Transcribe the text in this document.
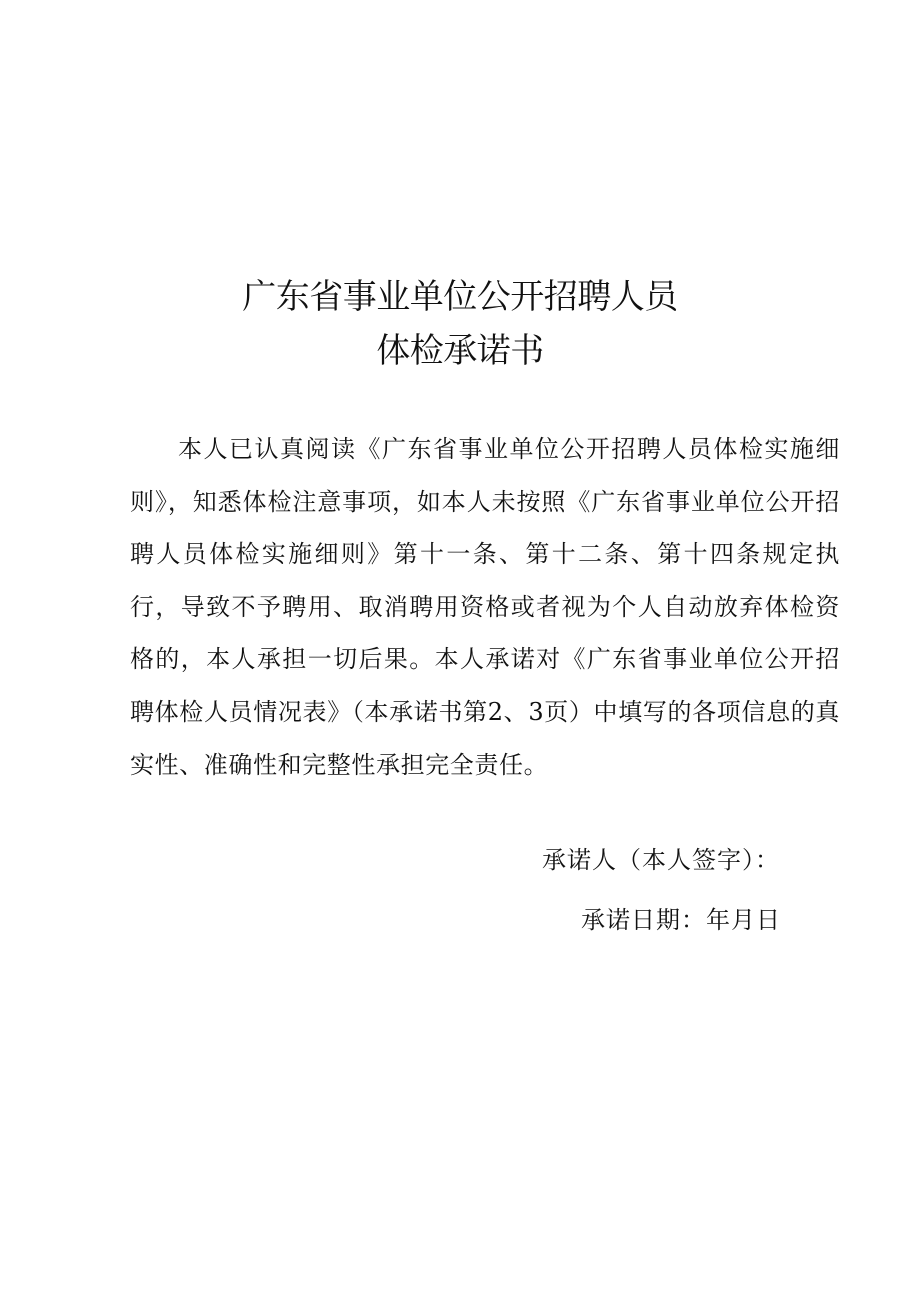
广东省事业单位公开招聘人员
体检承诺书

本人已认真阅读《广东省事业单位公开招聘人员体检实施细则》，知悉体检注意事项，如本人未按照《广东省事业单位公开招聘人员体检实施细则》第十一条、第十二条、第十四条规定执行，导致不予聘用、取消聘用资格或者视为个人自动放弃体检资格的，本人承担一切后果。本人承诺对《广东省事业单位公开招聘体检人员情况表》（本承诺书第2、3页）中填写的各项信息的真实性、准确性和完整性承担完全责任。

承诺人（本人签字）：
承诺日期：年月日
